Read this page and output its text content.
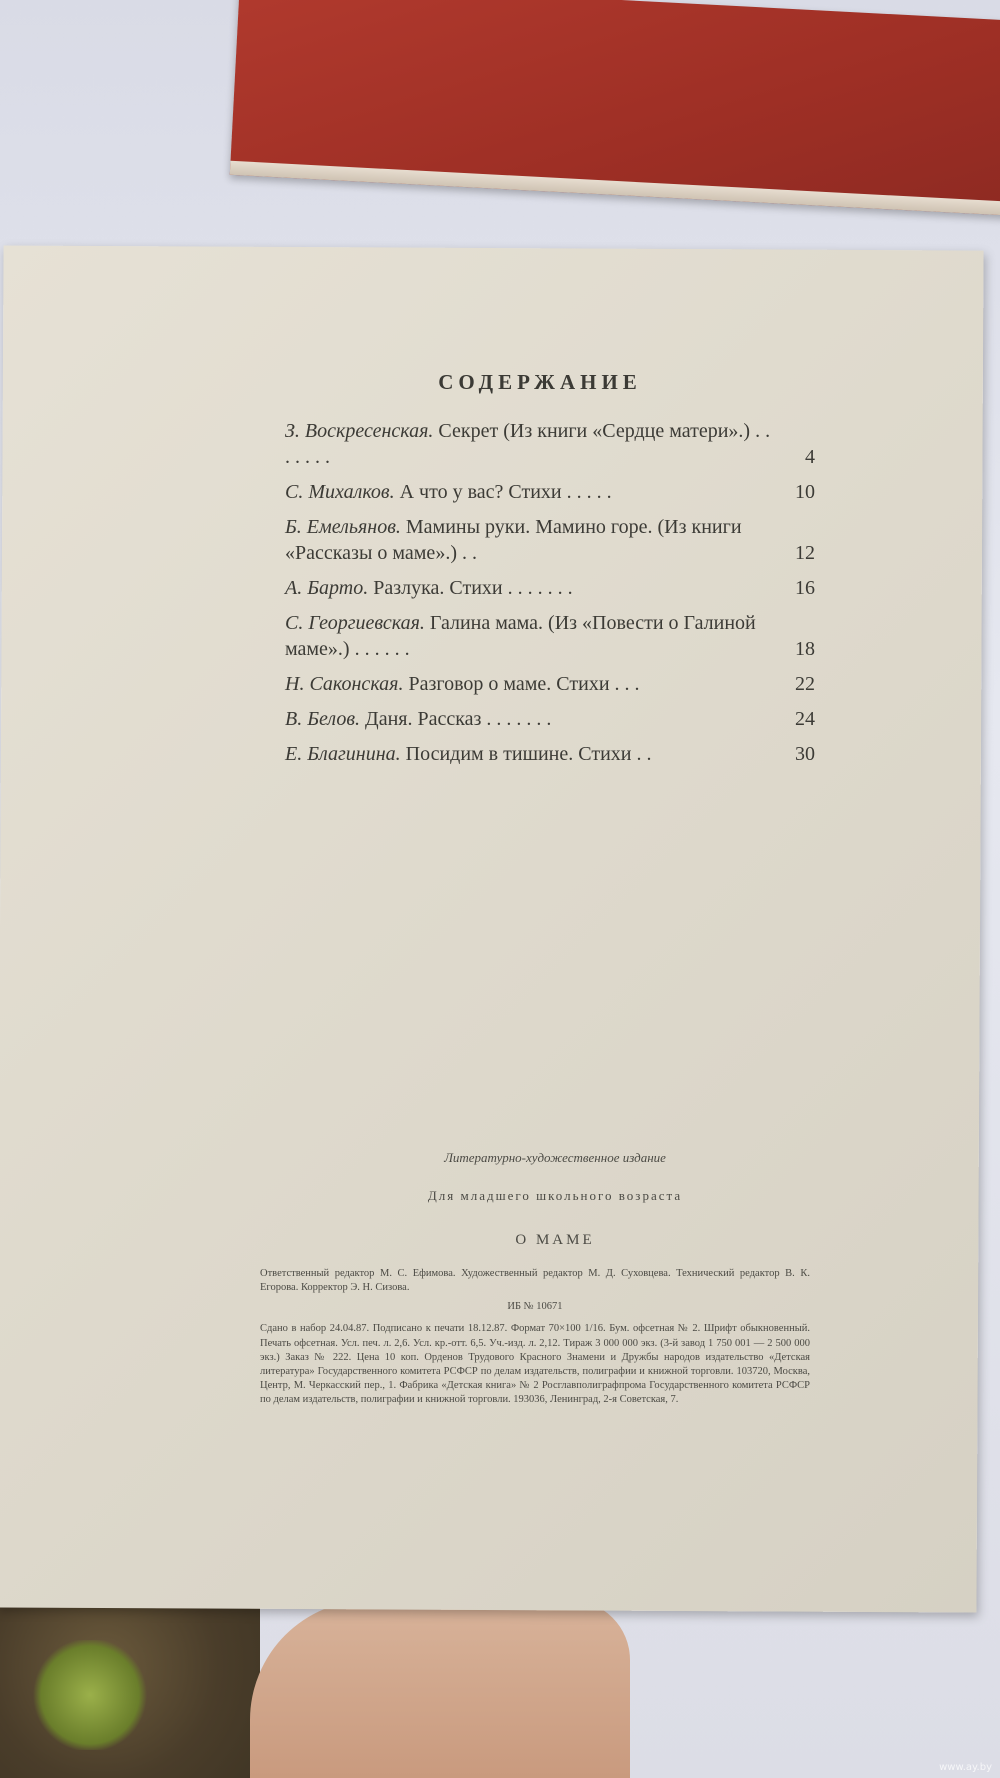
СОДЕРЖАНИЕ
З. Воскресенская. Секрет (Из книги «Сердце матери».) . . . . . . .	4
С. Михалков. А что у вас? Стихи . . . . .	10
Б. Емельянов. Мамины руки. Мамино горе. (Из книги «Рассказы о маме».) . .	12
А. Барто. Разлука. Стихи . . . . . . .	16
С. Георгиевская. Галина мама. (Из «Повести о Галиной маме».) . . . . . .	18
Н. Саконская. Разговор о маме. Стихи . . .	22
В. Белов. Даня. Рассказ . . . . . . .	24
Е. Благинина. Посидим в тишине. Стихи . .	30
Литературно-художественное издание
Для младшего школьного возраста
О МАМЕ
Ответственный редактор М. С. Ефимова. Художественный редактор М. Д. Суховцева. Технический редактор В. К. Егорова. Корректор Э. Н. Сизова.
ИБ № 10671
Сдано в набор 24.04.87. Подписано к печати 18.12.87. Формат 70×100 1/16. Бум. офсетная № 2. Шрифт обыкновенный. Печать офсетная. Усл. печ. л. 2,6. Усл. кр.-отт. 6,5. Уч.-изд. л. 2,12. Тираж 3 000 000 экз. (3-й завод 1 750 001 — 2 500 000 экз.) Заказ № 222. Цена 10 коп. Орденов Трудового Красного Знамени и Дружбы народов издательство «Детская литература» Государственного комитета РСФСР по делам издательств, полиграфии и книжной торговли. 103720, Москва, Центр, М. Черкасский пер., 1. Фабрика «Детская книга» № 2 Росглавполиграфпрома Государственного комитета РСФСР по делам издательств, полиграфии и книжной торговли. 193036, Ленинград, 2-я Советская, 7.
www.ay.by
